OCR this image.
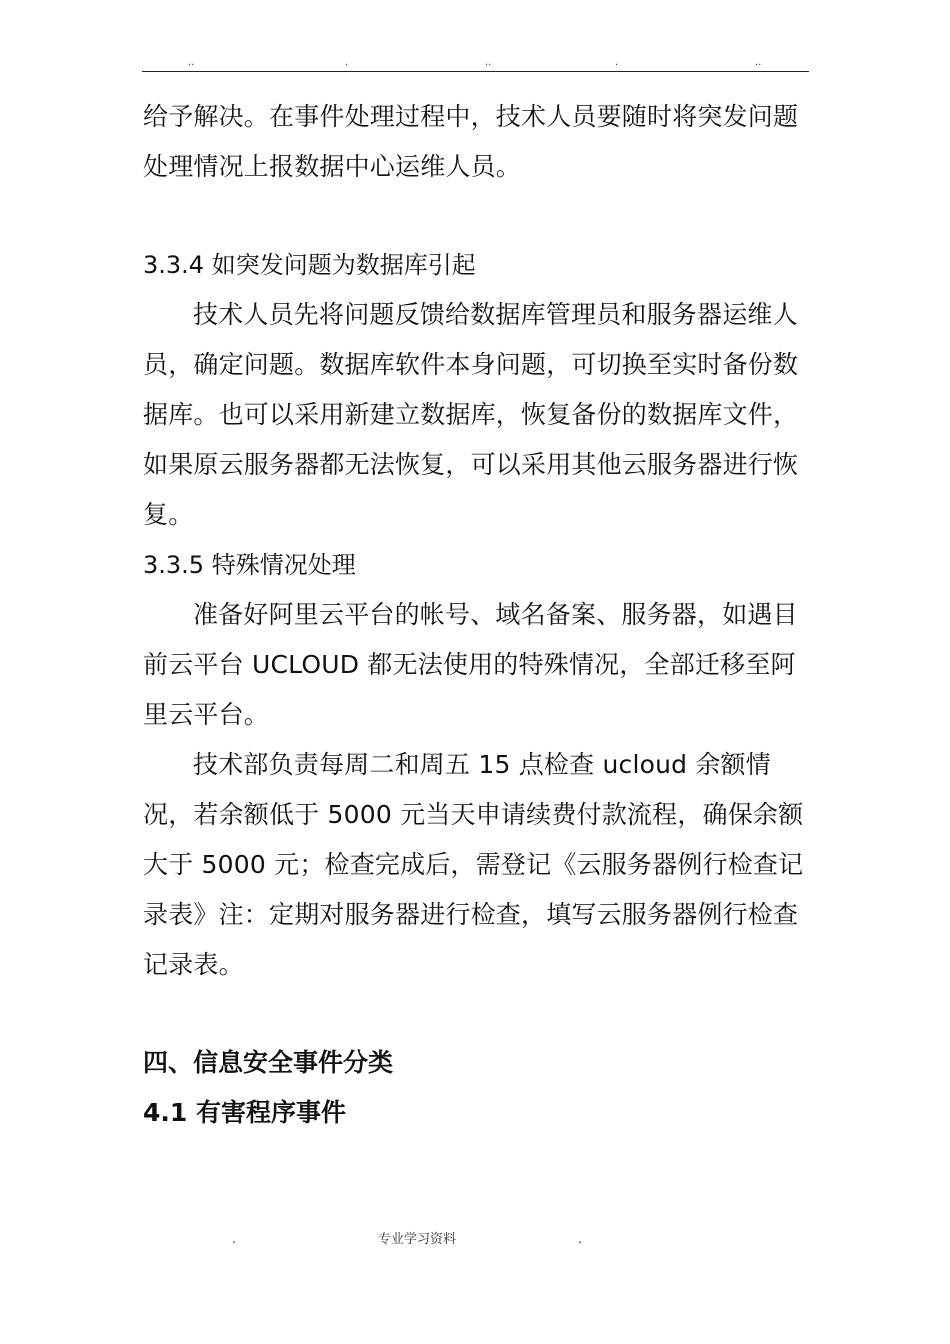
..	.	..	.	..

给予解决。在事件处理过程中，技术人员要随时将突发问题处理情况上报数据中心运维人员。

3.3.4 如突发问题为数据库引起

技术人员先将问题反馈给数据库管理员和服务器运维人员，确定问题。数据库软件本身问题，可切换至实时备份数据库。也可以采用新建立数据库，恢复备份的数据库文件，如果原云服务器都无法恢复，可以采用其他云服务器进行恢复。

3.3.5 特殊情况处理

准备好阿里云平台的帐号、域名备案、服务器，如遇目前云平台 UCLOUD 都无法使用的特殊情况，全部迁移至阿里云平台。

技术部负责每周二和周五 15 点检查 ucloud 余额情况，若余额低于 5000 元当天申请续费付款流程，确保余额大于 5000 元；检查完成后，需登记《云服务器例行检查记录表》注：定期对服务器进行检查，填写云服务器例行检查记录表。

四、信息安全事件分类

4.1 有害程序事件

.	专业学习资料	.
